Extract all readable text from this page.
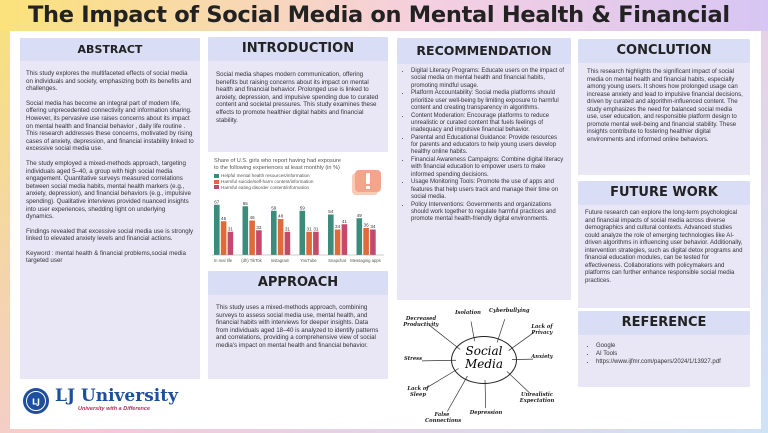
The Impact of Social Media on Mental Health & Financial
ABSTRACT

This study explores the multifaceted effects of social media on individuals and society, emphasizing both its benefits and challenges.

Social media has become an integral part of modern life, offering unprecedented connectivity and information sharing. However, its pervasive use raises concerns about its impact on mental health and financial behavior , daily life routine . This research addresses these concerns, motivated by rising cases of anxiety, depression, and financial instability linked to excessive social media use.

The study employed a mixed-methods approach, targeting individuals aged 5–40, a group with high social media engagement. Quantitative surveys measured correlations between social media habits, mental health markers (e.g., anxiety, depression), and financial behaviors (e.g., impulsive spending). Qualitative interviews provided nuanced insights into user experiences, shedding light on underlying dynamics.

Findings revealed that excessive social media use is strongly linked to elevated anxiety levels and financial actions.

Keyword : mental health & financial problems,social media targeted user

LJ LJ University
University with a Difference
INTRODUCTION
Social media shapes modern communication, offering benefits but raising concerns about its impact on mental health and financial behavior. Prolonged use is linked to anxiety, depression, and impulsive spending due to curated content and societal pressures. This study examines these effects to promote healthier digital habits and financial stability.
Share of U.S. girls who report having had exposure to the following experiences at least monthly (in %)
Helpful mental health resources/information
Harmful suicide/self-harm content/information
Harmful eating disorder content/information
67
45
31
In real life
65
46
33
(dh) TikTok
59
48
31
Instagram
59
31 31
YouTube
54
34
41
Snapchat
49
36 34
Messaging apps
APPROACH
This study uses a mixed-methods approach, combining surveys to assess social media use, mental health, and financial habits with interviews for deeper insights. Data from individuals aged 18–40 is analyzed to identify patterns and correlations, providing a comprehensive view of social media's impact on mental health and financial behavior.
RECOMMENDATION
• Digital Literacy Programs: Educate users on the impact of social media on mental health and financial habits, promoting mindful usage.
• Platform Accountability: Social media platforms should prioritize user well-being by limiting exposure to harmful content and creating transparency in algorithms.
• Content Moderation: Encourage platforms to reduce unrealistic or curated content that fuels feelings of inadequacy and impulsive financial behavior.
• Parental and Educational Guidance: Provide resources for parents and educators to help young users develop healthy online habits.
• Financial Awareness Campaigns: Combine digital literacy with financial education to empower users to make informed spending decisions.
• Usage Monitoring Tools: Promote the use of apps and features that help users track and manage their time on social media.
• Policy Interventions: Governments and organizations should work together to regulate harmful practices and promote mental health-friendly digital environments.
Decreased Productivity
Isolation	Cyberbullying
Lack of Privacy
Anxiety
Unrealistic Expectation
Depression
False Connections
Lack of Sleep
Stress
Social
Media
CONCLUTION
This research highlights the significant impact of social media on mental health and financial habits, especially among young users. It shows how prolonged usage can increase anxiety and lead to impulsive financial decisions, driven by curated and algorithm-influenced content. The study emphasizes the need for balanced social media use, user education, and responsible platform design to promote mental well-being and financial stability. These insights contribute to fostering healthier digital environments and informed online behaviors.
FUTURE WORK
Future research can explore the long-term psychological and financial impacts of social media across diverse demographics and cultural contexts. Advanced studies could analyze the role of emerging technologies like AI-driven algorithms in influencing user behavior. Additionally, intervention strategies, such as digital detox programs and financial education modules, can be tested for effectiveness. Collaborations with policymakers and platforms can further enhance responsible social media practices.
REFERENCE
• Google
• AI Tools
• https://www.ijfmr.com/papers/2024/1/13927.pdf
